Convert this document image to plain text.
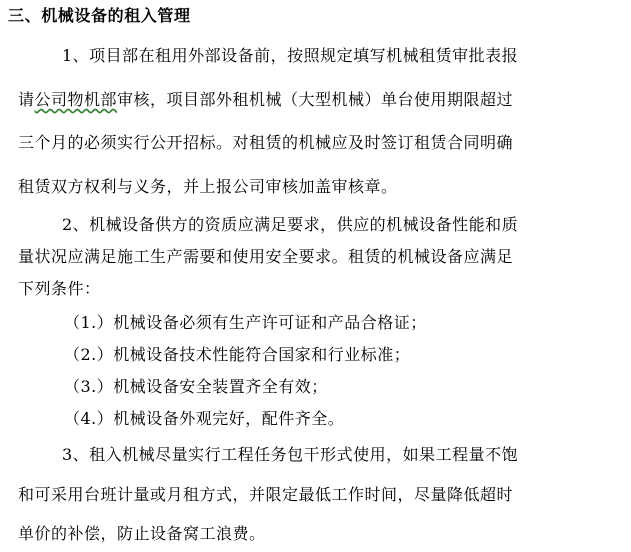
三、机械设备的租入管理
1、项目部在租用外部设备前，按照规定填写机械租赁审批表报
请公司物机部审核，项目部外租机械（大型机械）单台使用期限超过
三个月的必须实行公开招标。对租赁的机械应及时签订租赁合同明确
租赁双方权利与义务，并上报公司审核加盖审核章。
2、机械设备供方的资质应满足要求，供应的机械设备性能和质
量状况应满足施工生产需要和使用安全要求。租赁的机械设备应满足
下列条件：
（1.）机械设备必须有生产许可证和产品合格证；
（2.）机械设备技术性能符合国家和行业标准；
（3.）机械设备安全装置齐全有效；
（4.）机械设备外观完好，配件齐全。
3、租入机械尽量实行工程任务包干形式使用，如果工程量不饱
和可采用台班计量或月租方式，并限定最低工作时间，尽量降低超时
单价的补偿，防止设备窝工浪费。
